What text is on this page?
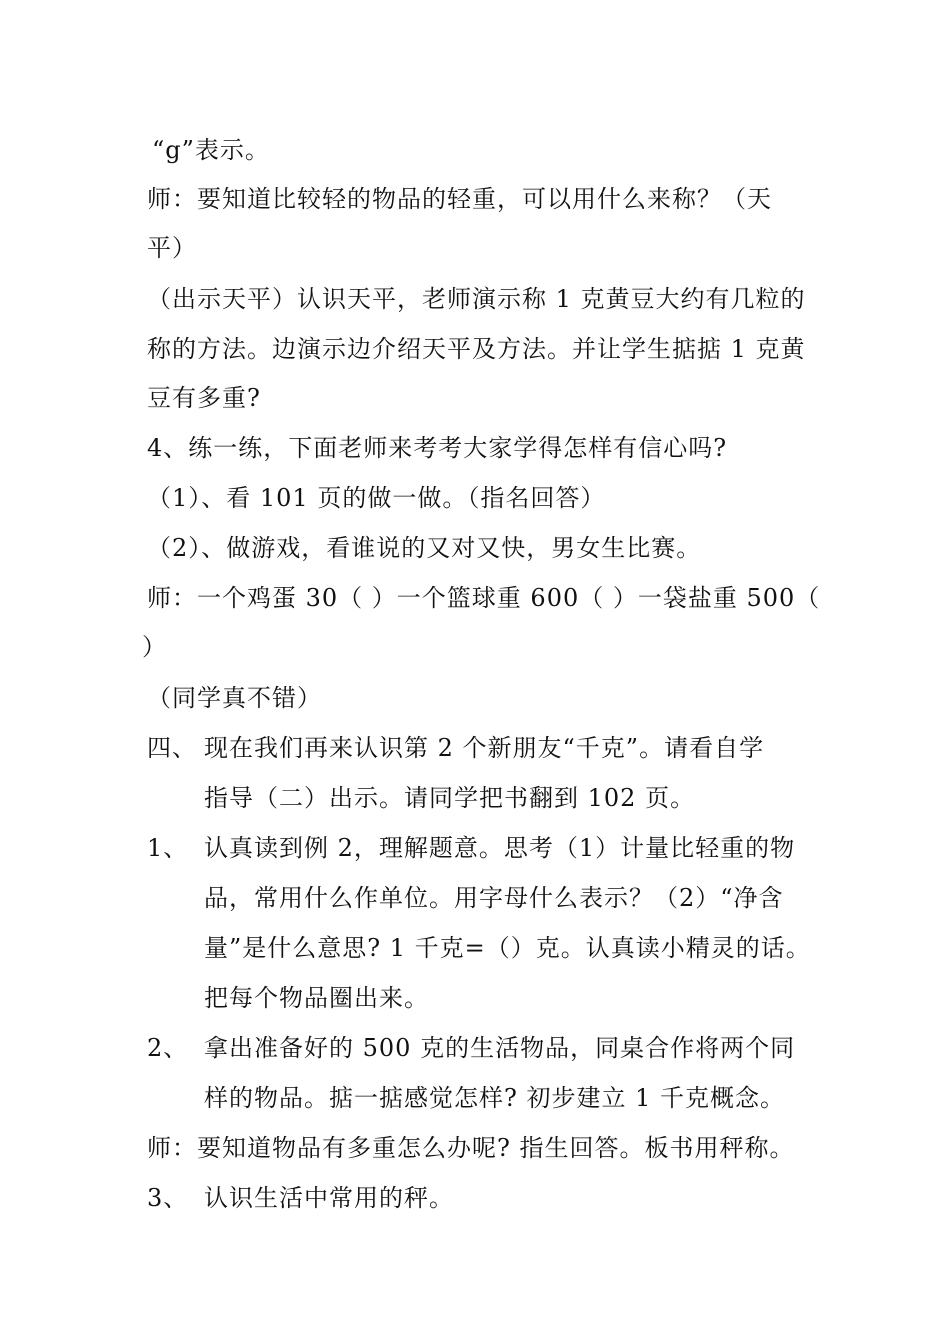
“g”表示。
师：要知道比较轻的物品的轻重，可以用什么来称？（天
平）
（出示天平）认识天平，老师演示称 1 克黄豆大约有几粒的
称的方法。边演示边介绍天平及方法。并让学生掂掂 1 克黄
豆有多重?
4、练一练，下面老师来考考大家学得怎样有信心吗?
（1）、看 101 页的做一做。（指名回答）
（2）、做游戏，看谁说的又对又快，男女生比赛。
师：一个鸡蛋 30（ ）一个篮球重 600（ ）一袋盐重 500（
）
（同学真不错）
四、 现在我们再来认识第 2 个新朋友“千克”。请看自学
指导（二）出示。请同学把书翻到 102 页。
1、 认真读到例 2，理解题意。思考（1）计量比轻重的物
品，常用什么作单位。用字母什么表示？（2）“净含
量”是什么意思? 1 千克=（）克。认真读小精灵的话。
把每个物品圈出来。
2、 拿出准备好的 500 克的生活物品，同桌合作将两个同
样的物品。掂一掂感觉怎样? 初步建立 1 千克概念。
师：要知道物品有多重怎么办呢? 指生回答。板书用秤称。
3、 认识生活中常用的秤。
